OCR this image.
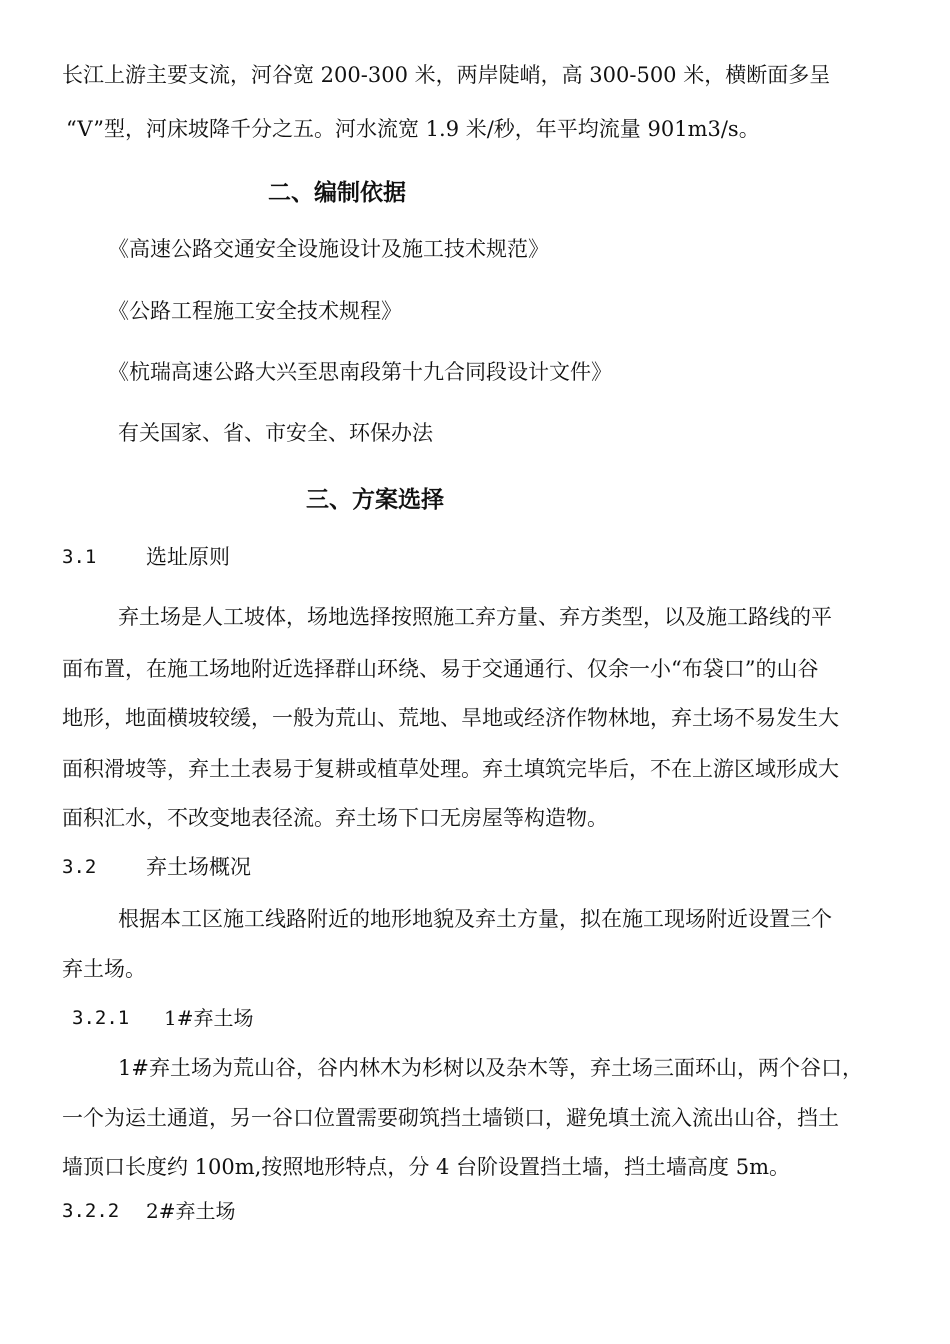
长江上游主要支流，河谷宽 200-300 米，两岸陡峭，高 300-500 米，横断面多呈
“V”型，河床坡降千分之五。河水流宽 1.9 米/秒，年平均流量 901m3/s。
二、编制依据
《高速公路交通安全设施设计及施工技术规范》
《公路工程施工安全技术规程》
《杭瑞高速公路大兴至思南段第十九合同段设计文件》
有关国家、省、市安全、环保办法
三、方案选择
3.1 选址原则
弃土场是人工坡体，场地选择按照施工弃方量、弃方类型，以及施工路线的平
面布置，在施工场地附近选择群山环绕、易于交通通行、仅余一小“布袋口”的山谷
地形，地面横坡较缓，一般为荒山、荒地、旱地或经济作物林地，弃土场不易发生大
面积滑坡等，弃土土表易于复耕或植草处理。弃土填筑完毕后，不在上游区域形成大
面积汇水，不改变地表径流。弃土场下口无房屋等构造物。
3.2 弃土场概况
根据本工区施工线路附近的地形地貌及弃土方量，拟在施工现场附近设置三个
弃土场。
3.2.1 1#弃土场
1#弃土场为荒山谷，谷内林木为杉树以及杂木等，弃土场三面环山，两个谷口，
一个为运土通道，另一谷口位置需要砌筑挡土墙锁口，避免填土流入流出山谷，挡土
墙顶口长度约 100m,按照地形特点，分 4 台阶设置挡土墙，挡土墙高度 5m。
3.2.2 2#弃土场
